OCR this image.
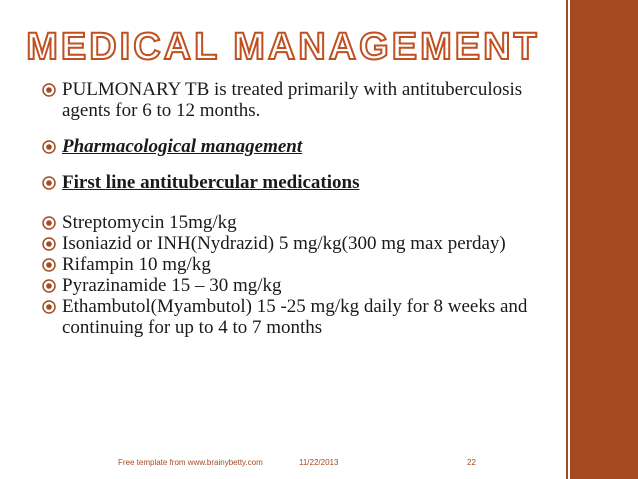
MEDICAL MANAGEMENT
PULMONARY TB is treated primarily with antituberculosis agents for 6 to 12 months.
Pharmacological management
First line antitubercular medications
Streptomycin 15mg/kg
Isoniazid or INH(Nydrazid) 5 mg/kg(300 mg max perday)
Rifampin 10 mg/kg
Pyrazinamide 15 – 30 mg/kg
Ethambutol(Myambutol) 15 -25 mg/kg daily for 8 weeks and continuing for up to 4 to 7 months
Free template from www.brainybetty.com	11/22/2013	22
